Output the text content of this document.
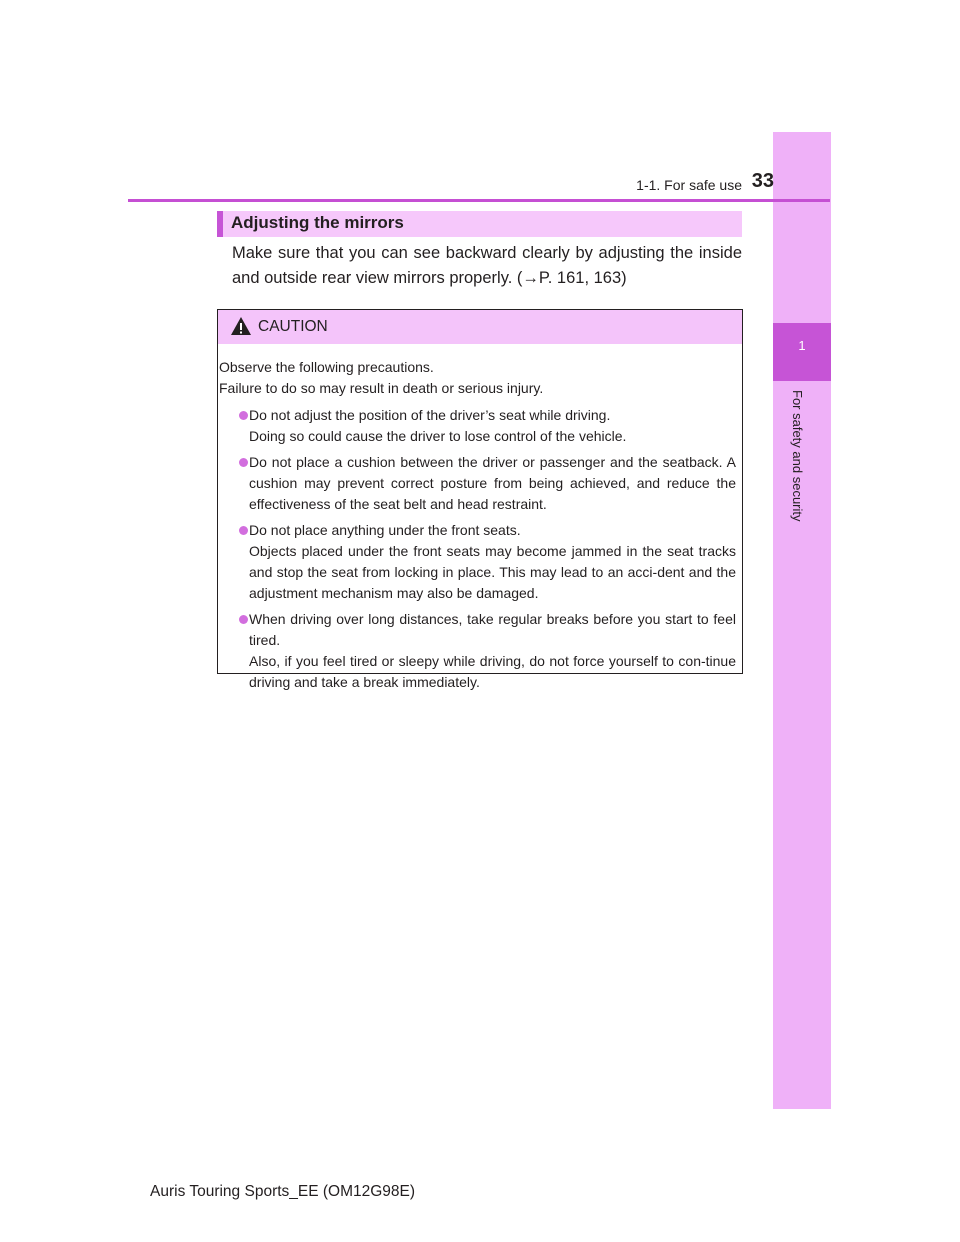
1
For safety and security
1-1. For safe use 33
Adjusting the mirrors

Make sure that you can see backward clearly by adjusting the inside and outside rear view mirrors properly. (→P. 161, 163)

CAUTION

Observe the following precautions.

Failure to do so may result in death or serious injury.

Do not adjust the position of the driver’s seat while driving.
Doing so could cause the driver to lose control of the vehicle.
Do not place a cushion between the driver or passenger and the seatback. A cushion may prevent correct posture from being achieved, and reduce the effectiveness of the seat belt and head restraint.
Do not place anything under the front seats.
Objects placed under the front seats may become jammed in the seat tracks and stop the seat from locking in place. This may lead to an acci-dent and the adjustment mechanism may also be damaged.
When driving over long distances, take regular breaks before you start to feel tired.
Also, if you feel tired or sleepy while driving, do not force yourself to con-tinue driving and take a break immediately.
Auris Touring Sports_EE (OM12G98E)
